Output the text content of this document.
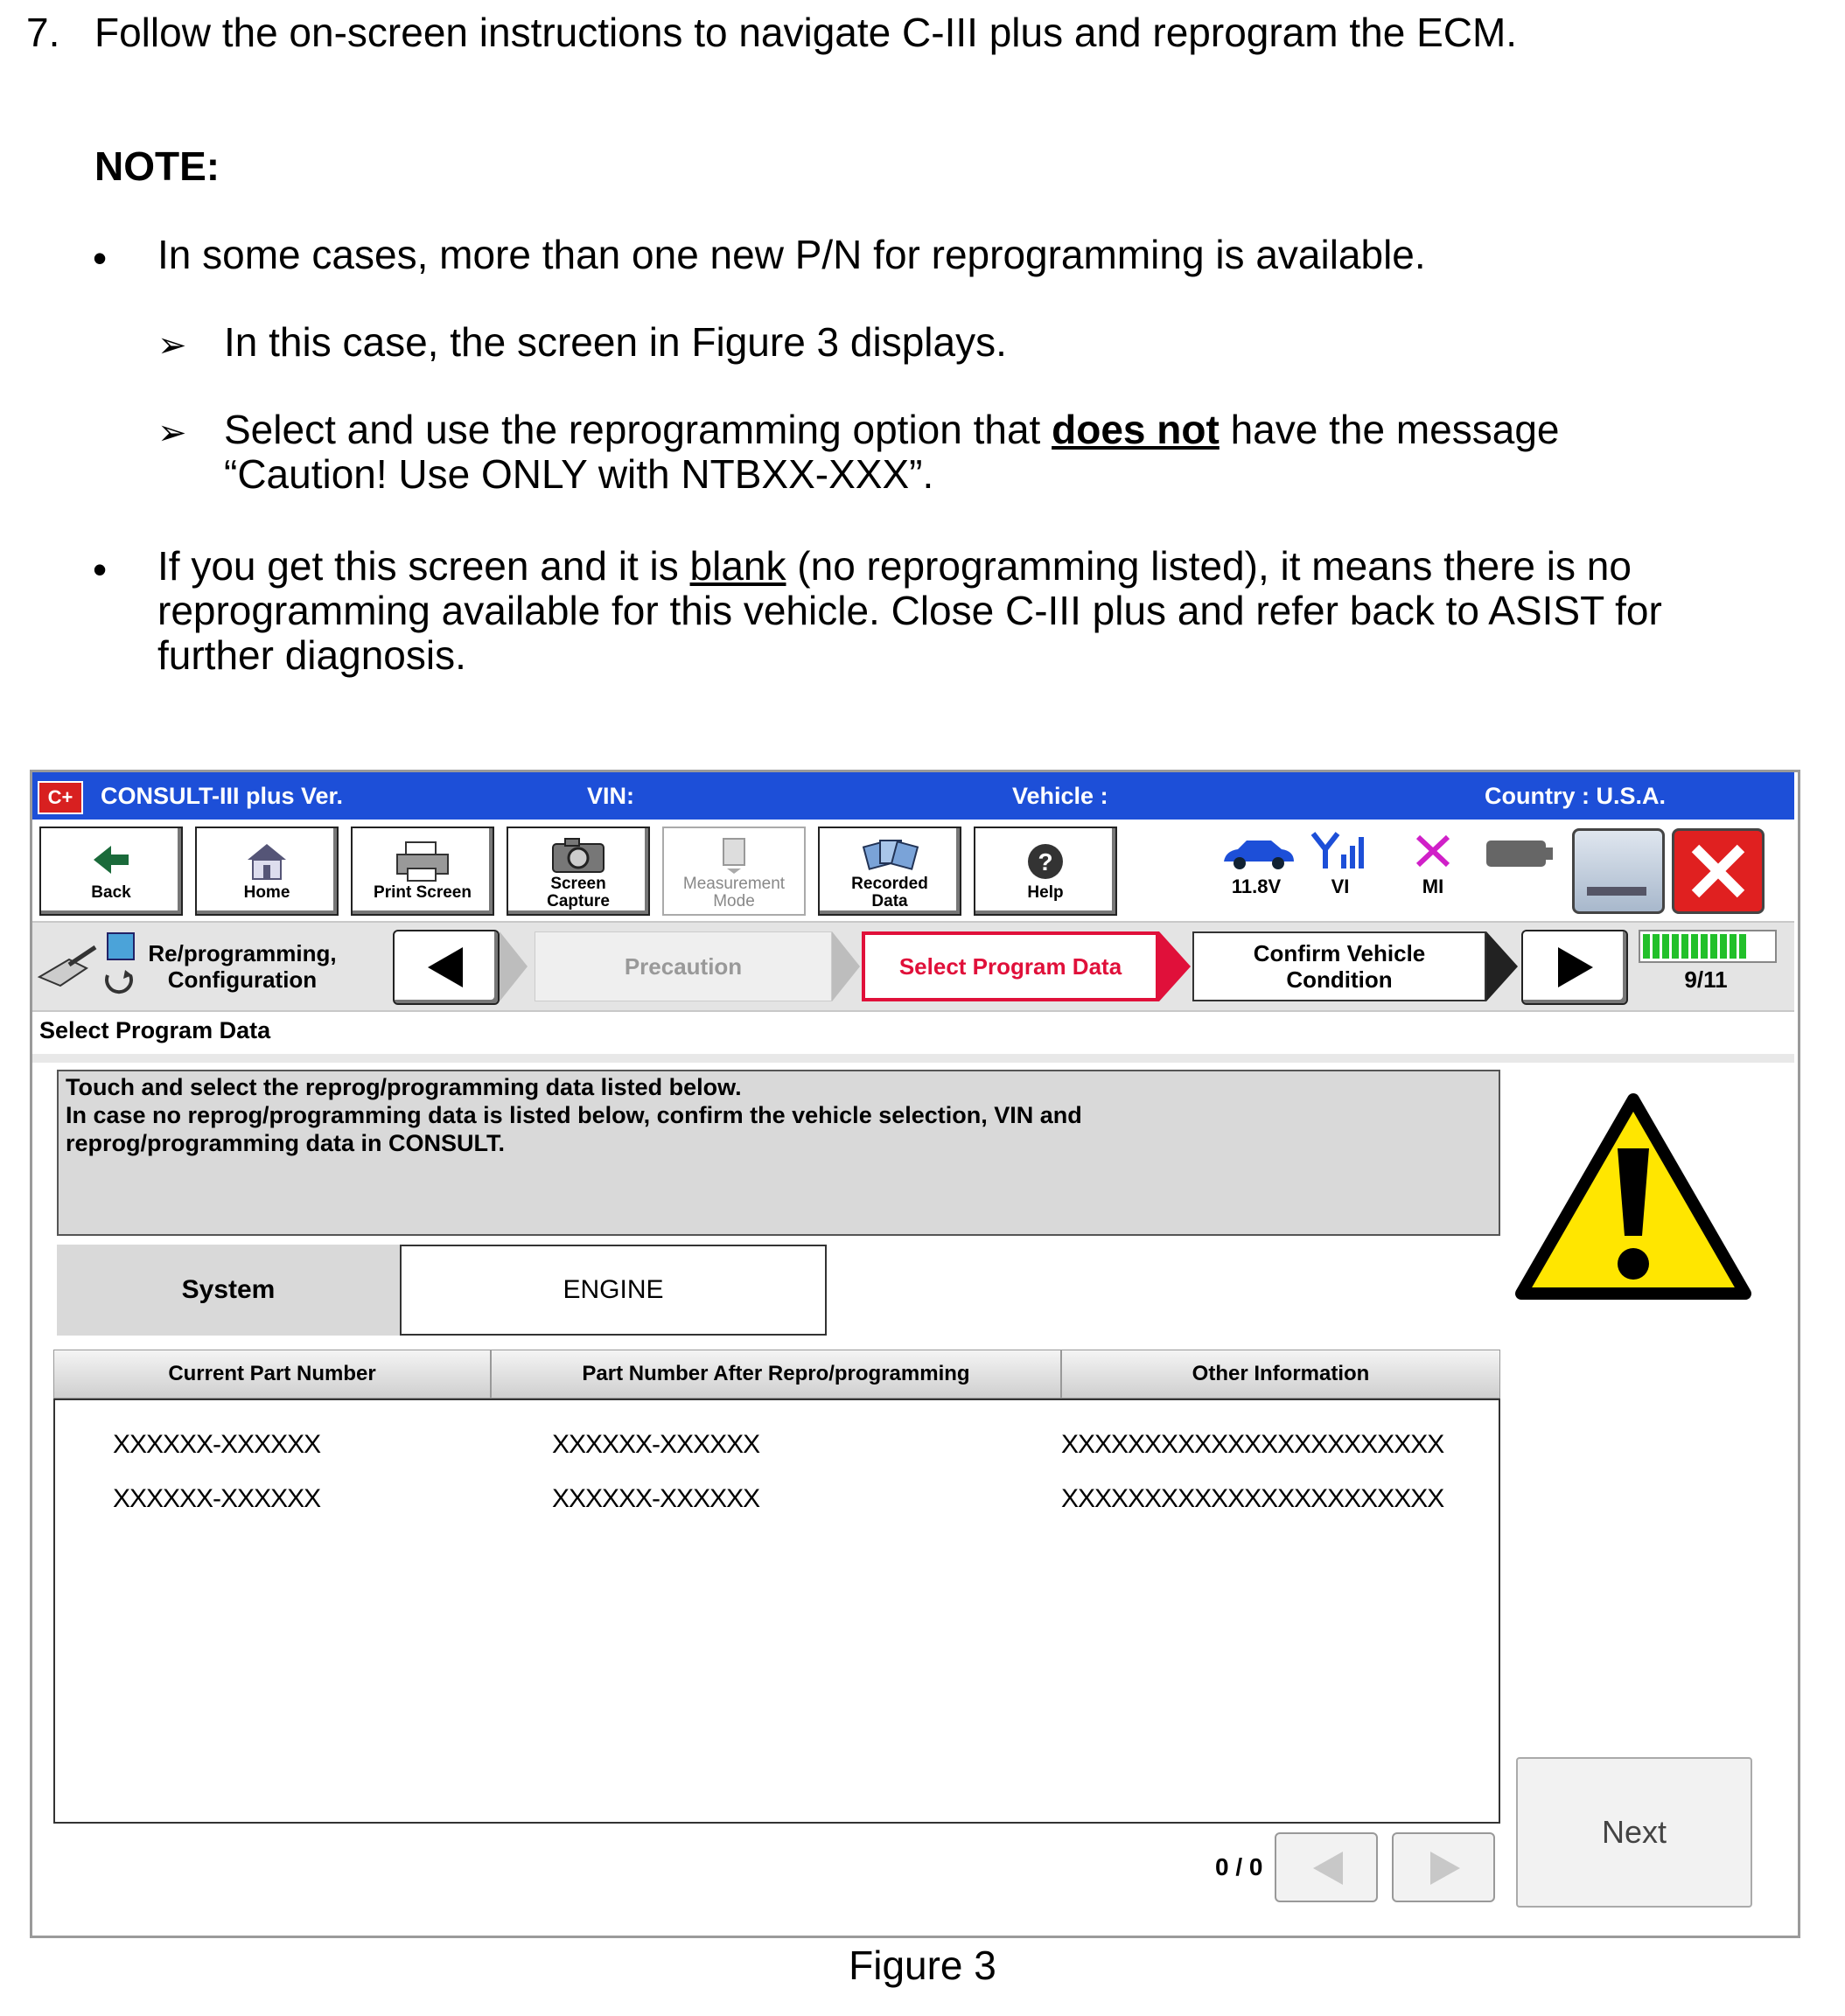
7. Follow the on-screen instructions to navigate C-III plus and reprogram the ECM.
NOTE:
• In some cases, more than one new P/N for reprogramming is available.
➢ In this case, the screen in Figure 3 displays.
➢ Select and use the reprogramming option that does not have the message
“Caution! Use ONLY with NTBXX-XXX”.
• If you get this screen and it is blank (no reprogramming listed), it means there is no
reprogramming available for this vehicle. Close C-III plus and refer back to ASIST for
further diagnosis.
C+	CONSULT-III plus Ver.	VIN:	Vehicle :	Country : U.S.A.
Back	Home	Print Screen	Screen
Capture
Measurement
Mode
Recorded
Data
?
Help	11.8V	VI	MI
Re/programming,
Configuration	Precaution	Select Program Data	Confirm Vehicle
Condition	9/11
Select Program Data
Touch and select the reprog/programming data listed below.
In case no reprog/programming data is listed below, confirm the vehicle selection, VIN and
reprog/programming data in CONSULT.
System	ENGINE
Current Part Number	Part Number After Repro/programming	Other Information
XXXXXX-XXXXXX	XXXXXX-XXXXXX	XXXXXXXXXXXXXXXXXXXXXXX
XXXXXX-XXXXXX	XXXXXX-XXXXXX	XXXXXXXXXXXXXXXXXXXXXXX
0 / 0
Next
Figure 3
